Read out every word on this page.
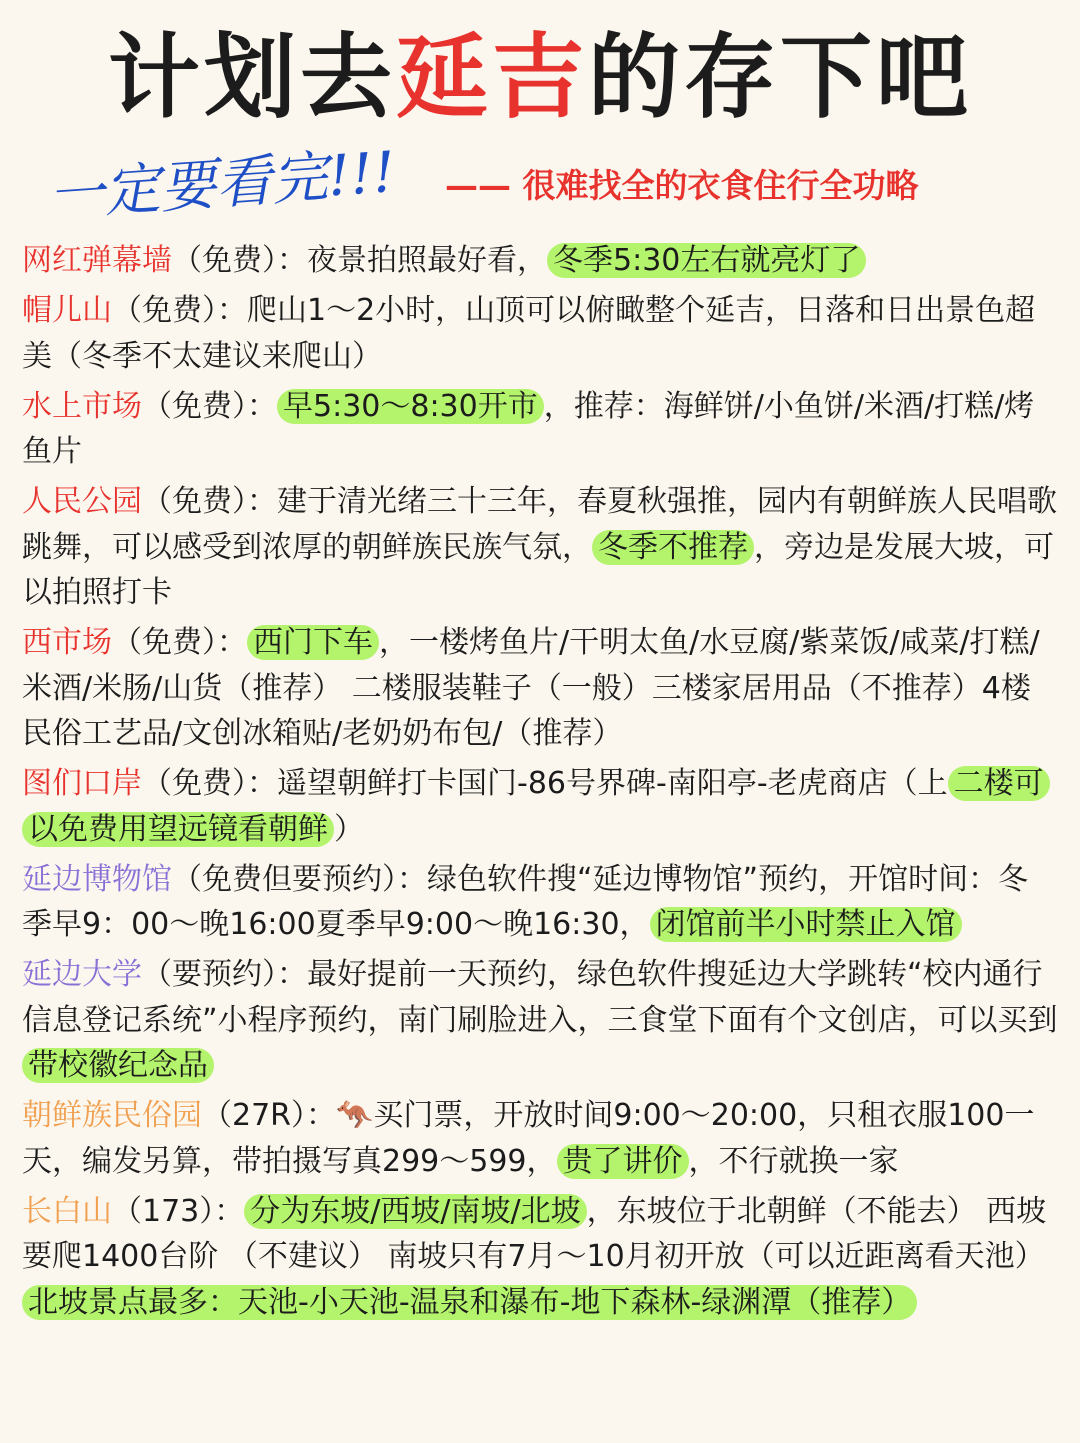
计划去延吉的存下吧
一定要看完!!! —— 很难找全的衣食住行全功略
网红弹幕墙（免费）：夜景拍照最好看， 冬季5:30左右就亮灯了
帽儿山（免费）：爬山1～2小时，山顶可以俯瞰整个延吉，日落和日出景色超美（冬季不太建议来爬山）
水上市场（免费）： 早5:30～8:30开市 ，推荐：海鲜饼/小鱼饼/米酒/打糕/烤鱼片
人民公园（免费）：建于清光绪三十三年，春夏秋强推，园内有朝鲜族人民唱歌跳舞，可以感受到浓厚的朝鲜族民族气氛， 冬季不推荐 ，旁边是发展大坡，可以拍照打卡
西市场（免费）： 西门下车 ，一楼烤鱼片/干明太鱼/水豆腐/紫菜饭/咸菜/打糕/米酒/米肠/山货（推荐） 二楼服装鞋子（一般）三楼家居用品（不推荐）4楼民俗工艺品/文创冰箱贴/老奶奶布包/（推荐）
图们口岸（免费）：遥望朝鲜打卡国门-86号界碑-南阳亭-老虎商店（上 二楼可以免费用望远镜看朝鲜 ）
延边博物馆（免费但要预约）：绿色软件搜“延边博物馆”预约，开馆时间：冬季早9：00～晚16:00夏季早9:00～晚16:30， 闭馆前半小时禁止入馆
延边大学（要预约）：最好提前一天预约，绿色软件搜延边大学跳转“校内通行信息登记系统”小程序预约，南门刷脸进入，三食堂下面有个文创店，可以买到带校徽纪念品
朝鲜族民俗园（27R）：🦘买门票，开放时间9:00～20:00，只租衣服100一天，编发另算，带拍摄写真299～599， 贵了讲价 ，不行就换一家
长白山（173）： 分为东坡/西坡/南坡/北坡 ，东坡位于北朝鲜（不能去） 西坡要爬1400台阶 （不建议） 南坡只有7月～10月初开放（可以近距离看天池） 北坡景点最多：天池-小天池-温泉和瀑布-地下森林-绿渊潭（推荐）
